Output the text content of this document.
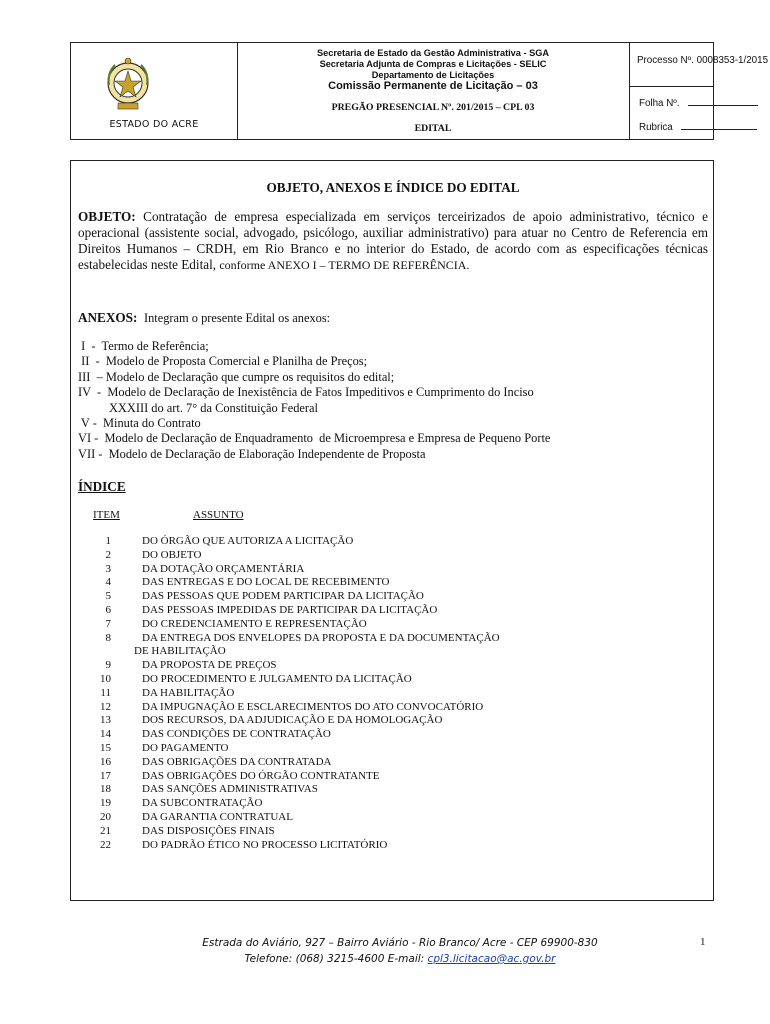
ESTADO DO ACRE
Secretaria de Estado da Gestão Administrativa - SGA
Secretaria Adjunta de Compras e Licitações - SELIC
Departamento de Licitações
Comissão Permanente de Licitação – 03
PREGÃO PRESENCIAL Nº. 201/2015 – CPL 03
EDITAL
Processo Nº. 0008353-1/2015
Folha Nº.
Rubrica
OBJETO, ANEXOS E ÍNDICE DO EDITAL
OBJETO: Contratação de empresa especializada em serviços terceirizados de apoio administrativo, técnico e operacional (assistente social, advogado, psicólogo, auxiliar administrativo) para atuar no Centro de Referencia em Direitos Humanos – CRDH, em Rio Branco e no interior do Estado, de acordo com as especificações técnicas estabelecidas neste Edital, conforme ANEXO I – TERMO DE REFERÊNCIA.
ANEXOS: Integram o presente Edital os anexos:
I  -  Termo de Referência;
II  -  Modelo de Proposta Comercial e Planilha de Preços;
III  – Modelo de Declaração que cumpre os requisitos do edital;
IV  -  Modelo de Declaração de Inexistência de Fatos Impeditivos e Cumprimento do Inciso
XXXIII do art. 7° da Constituição Federal
V -  Minuta do Contrato
VI -  Modelo de Declaração de Enquadramento  de Microempresa e Empresa de Pequeno Porte
VII -  Modelo de Declaração de Elaboração Independente de Proposta
ÍNDICE
ITEM	ASSUNTO
1	DO ÓRGÃO QUE AUTORIZA A LICITAÇÃO
2	DO OBJETO
3	DA DOTAÇÃO ORÇAMENTÁRIA
4	DAS ENTREGAS E DO LOCAL DE RECEBIMENTO
5	DAS PESSOAS QUE PODEM PARTICIPAR DA LICITAÇÃO
6	DAS PESSOAS IMPEDIDAS DE PARTICIPAR DA LICITAÇÃO
7	DO CREDENCIAMENTO E REPRESENTAÇÃO
8	DA ENTREGA DOS ENVELOPES DA PROPOSTA E DA DOCUMENTAÇÃO
DE HABILITAÇÃO
9	DA PROPOSTA DE PREÇOS
10	DO PROCEDIMENTO E JULGAMENTO DA LICITAÇÃO
11	DA HABILITAÇÃO
12	DA IMPUGNAÇÃO E ESCLARECIMENTOS DO ATO CONVOCATÓRIO
13	DOS RECURSOS, DA ADJUDICAÇÃO E DA HOMOLOGAÇÃO
14	DAS CONDIÇÕES DE CONTRATAÇÃO
15	DO PAGAMENTO
16	DAS OBRIGAÇÕES DA CONTRATADA
17	DAS OBRIGAÇÕES DO ÓRGÃO CONTRATANTE
18	DAS SANÇÕES ADMINISTRATIVAS
19	DA SUBCONTRATAÇÃO
20	DA GARANTIA CONTRATUAL
21	DAS DISPOSIÇÕES FINAIS
22	DO PADRÃO ÉTICO NO PROCESSO LICITATÓRIO
Estrada do Aviário, 927 – Bairro Aviário - Rio Branco/ Acre - CEP 69900-830
Telefone: (068) 3215-4600 E-mail: cpl3.licitacao@ac.gov.br
1
